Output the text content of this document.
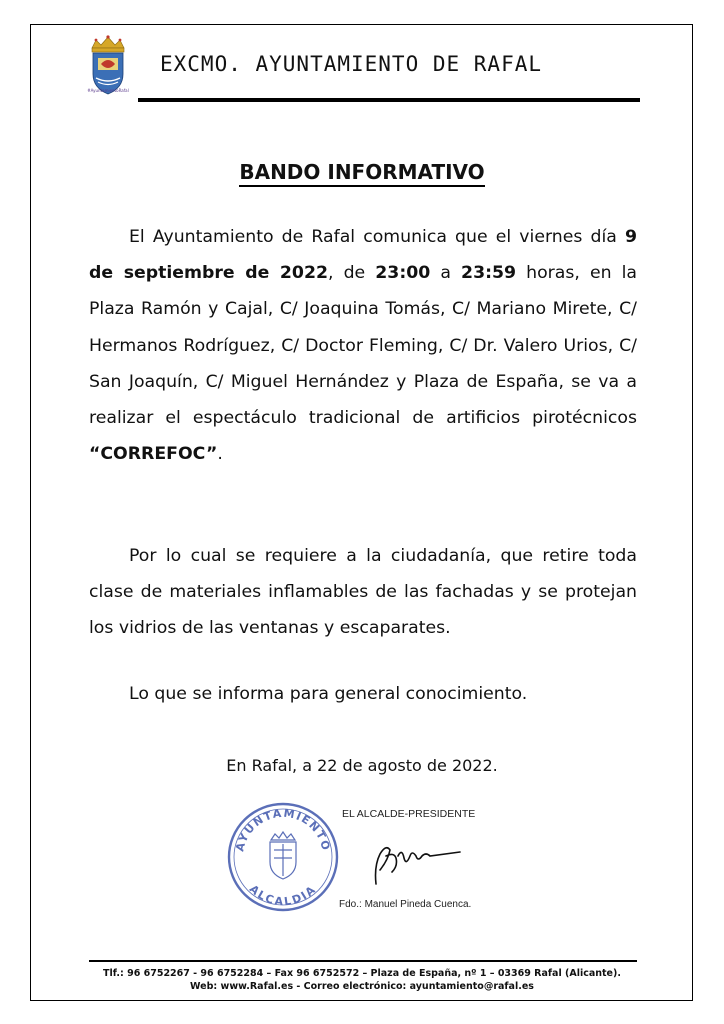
#AyuntamientoRafal
EXCMO. AYUNTAMIENTO DE RAFAL
BANDO INFORMATIVO
El Ayuntamiento de Rafal comunica que el viernes día 9 de septiembre de 2022, de 23:00 a 23:59 horas, en la Plaza Ramón y Cajal, C/ Joaquina Tomás, C/ Mariano Mirete, C/ Hermanos Rodríguez, C/ Doctor Fleming, C/ Dr. Valero Urios, C/ San Joaquín, C/ Miguel Hernández y Plaza de España, se va a realizar el espectáculo tradicional de artificios pirotécnicos “CORREFOC”.
Por lo cual se requiere a la ciudadanía, que retire toda clase de materiales inflamables de las fachadas y se protejan los vidrios de las ventanas y escaparates.
Lo que se informa para general conocimiento.
En Rafal, a 22 de agosto de 2022.
AYUNTAMIENTO
ALCALDIA
EL ALCALDE-PRESIDENTE
Fdo.: Manuel Pineda Cuenca.
Tlf.: 96 6752267 - 96 6752284 – Fax 96 6752572 – Plaza de España, nº 1 – 03369 Rafal (Alicante).
Web: www.Rafal.es - Correo electrónico: ayuntamiento@rafal.es
